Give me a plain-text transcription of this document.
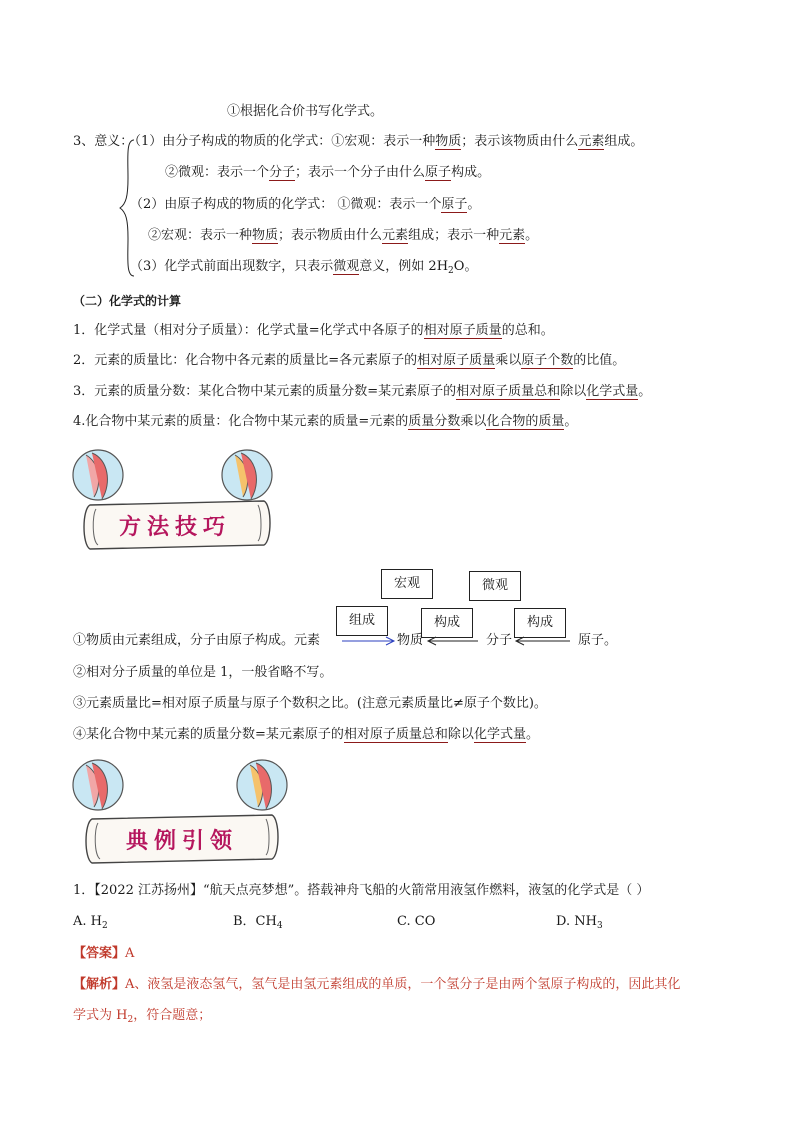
①根据化合价书写化学式。
3、意义：
（1）由分子构成的物质的化学式：①宏观：表示一种物质；表示该物质由什么元素组成。
②微观：表示一个分子；表示一个分子由什么原子构成。
（2）由原子构成的物质的化学式： ①微观：表示一个原子。
②宏观：表示一种物质；表示物质由什么元素组成；表示一种元素。
（3）化学式前面出现数字，只表示微观意义，例如 $2H_2O$。
（二）化学式的计算
1．化学式量（相对分子质量）：化学式量=化学式中各原子的相对原子质量的总和。
2．元素的质量比：化合物中各元素的质量比=各元素原子的相对原子质量乘以原子个数的比值。
3．元素的质量分数：某化合物中某元素的质量分数=某元素原子的相对原子质量总和除以化学式量。
4.化合物中某元素的质量：化合物中某元素的质量=元素的质量分数乘以化合物的质量。
方法技巧
宏观	微观
组成	构成	构成
①物质由元素组成，分子由原子构成。元素	物质	分子	原子。
②相对分子质量的单位是 1，一般省略不写。
③元素质量比=相对原子质量与原子个数积之比。(注意元素质量比≠原子个数比)。
④某化合物中某元素的质量分数=某元素原子的相对原子质量总和除以化学式量。
典例引领
1．【2022 江苏扬州】“航天点亮梦想”。搭载神舟飞船的火箭常用液氢作燃料，液氢的化学式是（ ）
A. $H_2$	B．$CH_4$	C. CO	D. $NH_3$
【答案】A
【解析】A、液氢是液态氢气，氢气是由氢元素组成的单质，一个氢分子是由两个氢原子构成的，因此其化
学式为 $H_2$，符合题意；
